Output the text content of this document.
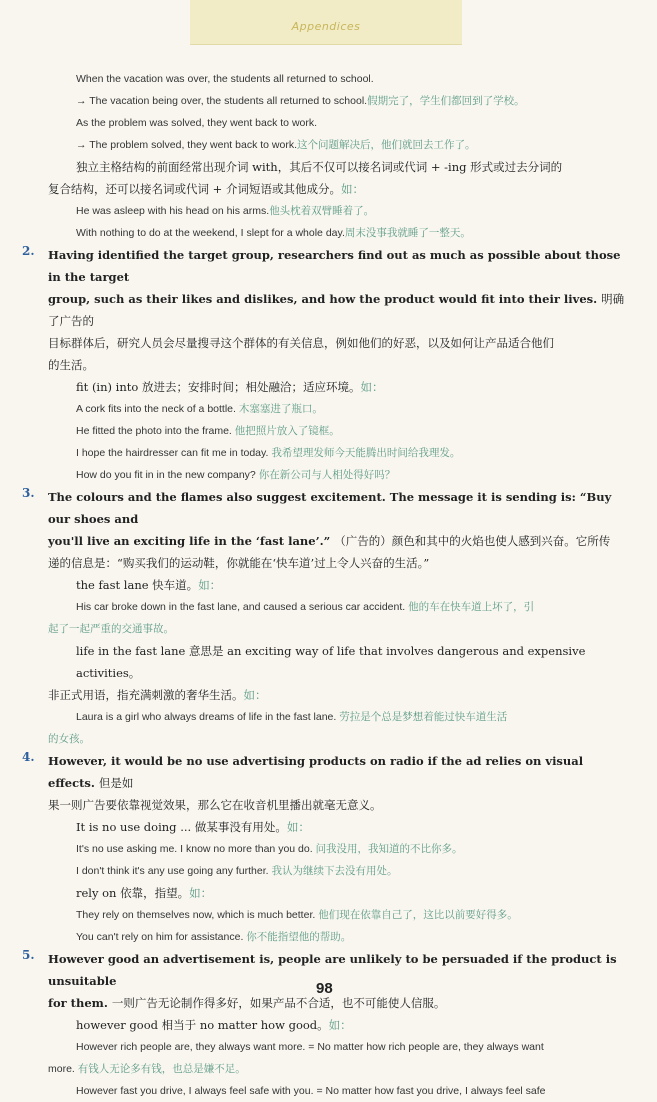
Appendices
When the vacation was over, the students all returned to school.
→ The vacation being over, the students all returned to school.假期完了，学生们都回到了学校。
As the problem was solved, they went back to work.
→ The problem solved, they went back to work.这个问题解决后，他们就回去工作了。
独立主格结构的前面经常出现介词 with，其后不仅可以接名词或代词 + -ing 形式或过去分词的
复合结构，还可以接名词或代词 + 介词短语或其他成分。如：
He was asleep with his head on his arms.他头枕着双臂睡着了。
With nothing to do at the weekend, I slept for a whole day.周末没事我就睡了一整天。
2.	Having identified the target group, researchers find out as much as possible about those in the target
group, such as their likes and dislikes, and how the product would fit into their lives. 明确了广告的
目标群体后，研究人员会尽量搜寻这个群体的有关信息，例如他们的好恶，以及如何让产品适合他们
的生活。
fit (in) into 放进去；安排时间；相处融洽；适应环境。如：
A cork fits into the neck of a bottle. 木塞塞进了瓶口。
He fitted the photo into the frame. 他把照片放入了镜框。
I hope the hairdresser can fit me in today. 我希望理发师今天能腾出时间给我理发。
How do you fit in in the new company? 你在新公司与人相处得好吗？
3.	The colours and the flames also suggest excitement. The message it is sending is: “Buy our shoes and
you'll live an exciting life in the ‘fast lane’.” （广告的）颜色和其中的火焰也使人感到兴奋。它所传
递的信息是：“购买我们的运动鞋，你就能在‘快车道’过上令人兴奋的生活。”
the fast lane 快车道。如：
His car broke down in the fast lane, and caused a serious car accident. 他的车在快车道上坏了，引
起了一起严重的交通事故。
life in the fast lane 意思是 an exciting way of life that involves dangerous and expensive activities。
非正式用语，指充满刺激的奢华生活。如：
Laura is a girl who always dreams of life in the fast lane. 劳拉是个总是梦想着能过快车道生活
的女孩。
4.	However, it would be no use advertising products on radio if the ad relies on visual effects. 但是如
果一则广告要依靠视觉效果，那么它在收音机里播出就毫无意义。
It is no use doing ... 做某事没有用处。如：
It's no use asking me. I know no more than you do. 问我没用，我知道的不比你多。
I don't think it's any use going any further. 我认为继续下去没有用处。
rely on 依靠，指望。如：
They rely on themselves now, which is much better. 他们现在依靠自己了，这比以前要好得多。
You can't rely on him for assistance. 你不能指望他的帮助。
5.	However good an advertisement is, people are unlikely to be persuaded if the product is unsuitable
for them. 一则广告无论制作得多好，如果产品不合适，也不可能使人信服。
however good 相当于 no matter how good。如：
However rich people are, they always want more. = No matter how rich people are, they always want
more. 有钱人无论多有钱，也总是嫌不足。
However fast you drive, I always feel safe with you. = No matter how fast you drive, I always feel safe
98
